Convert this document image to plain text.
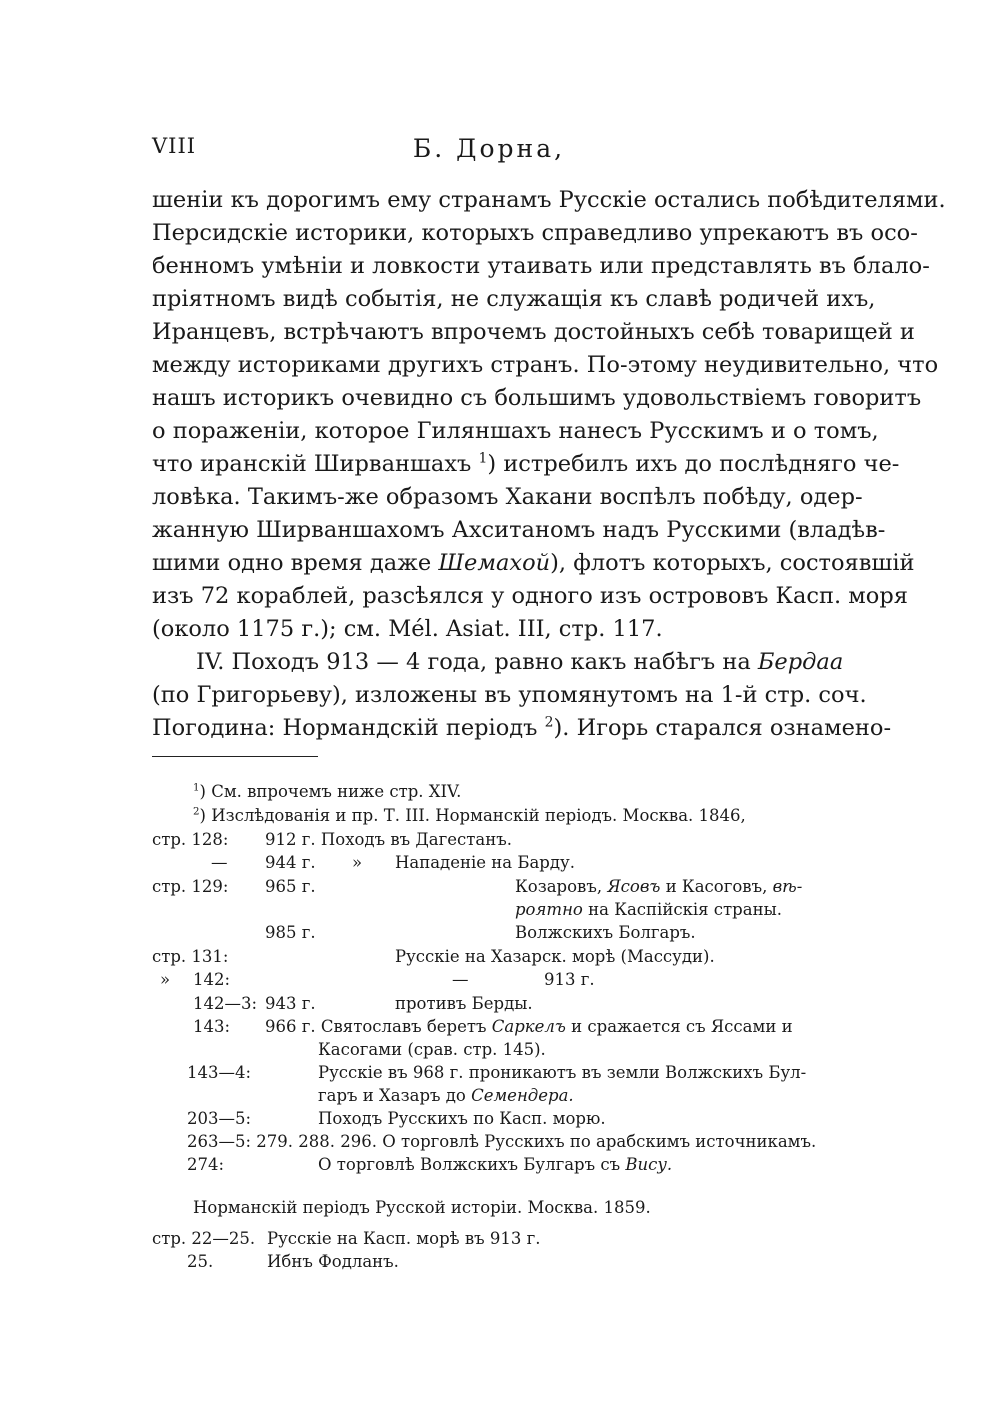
VIII	Б. Дорна,
шеніи къ дорогимъ ему странамъ Русскіе остались побѣдителями.
Персидскіе историки, которыхъ справедливо упрекаютъ въ осо-
бенномъ умѣніи и ловкости утаивать или представлять въ блало-
пріятномъ видѣ событія, не служащія къ славѣ родичей ихъ,
Иранцевъ, встрѣчаютъ впрочемъ достойныхъ себѣ товарищей и
между историками другихъ странъ. По-этому неудивительно, что
нашъ историкъ очевидно съ большимъ удовольствіемъ говоритъ
о пораженіи, которое Гиляншахъ нанесъ Русскимъ и о томъ,
что иранскій Ширваншахъ $^1$) истребилъ ихъ до послѣдняго че-
ловѣка. Такимъ-же образомъ Хакани воспѣлъ побѣду, одер-
жанную Ширваншахомъ Ахситаномъ надъ Русскими (владѣв-
шими одно время даже Шемахой), флотъ которыхъ, состоявшій
изъ 72 кораблей, разсѣялся у одного изъ острововъ Касп. моря
(около 1175 г.); см. Mél. Asiat. III, стр. 117.
IV. Походъ 913 — 4 года, равно какъ набѣгъ на Бердаа
(по Григорьеву), изложены въ упомянутомъ на 1-й стр. соч.
Погодина: Нормандскій періодъ $^2$). Игорь старался ознамено-
$^1$) См. впрочемъ ниже стр. XIV.
$^2$) Изслѣдованія и пр. Т. III. Норманскій періодъ. Москва. 1846,
стр. 128: 912 г. Походъ въ Дагестанъ.
— 944 г. » Нападеніе на Барду.
стр. 129: 965 г.	Козаровъ, Ясовъ и Касоговъ, вѣ-
роятно на Каспійскія страны.
985 г.	Волжскихъ Болгаръ.
стр. 131:	Русскіе на Хазарск. морѣ (Массуди).
» 142:	—	913 г.
142—3: 943 г.	противъ Берды.
143: 966 г. Святославъ беретъ Саркелъ и сражается съ Яссами и
Касогами (срав. стр. 145).
143—4:	Русскіе въ 968 г. проникаютъ въ земли Волжскихъ Бул-
гаръ и Хазаръ до Семендера.
203—5:	Походъ Русскихъ по Касп. морю.
263—5: 279. 288. 296. О торговлѣ Русскихъ по арабскимъ источникамъ.
274:	О торговлѣ Волжскихъ Булгаръ съ Вису.
Норманскій періодъ Русской исторіи. Москва. 1859.
стр. 22—25. Русскіе на Касп. морѣ въ 913 г.
25.	Ибнъ Фодланъ.
